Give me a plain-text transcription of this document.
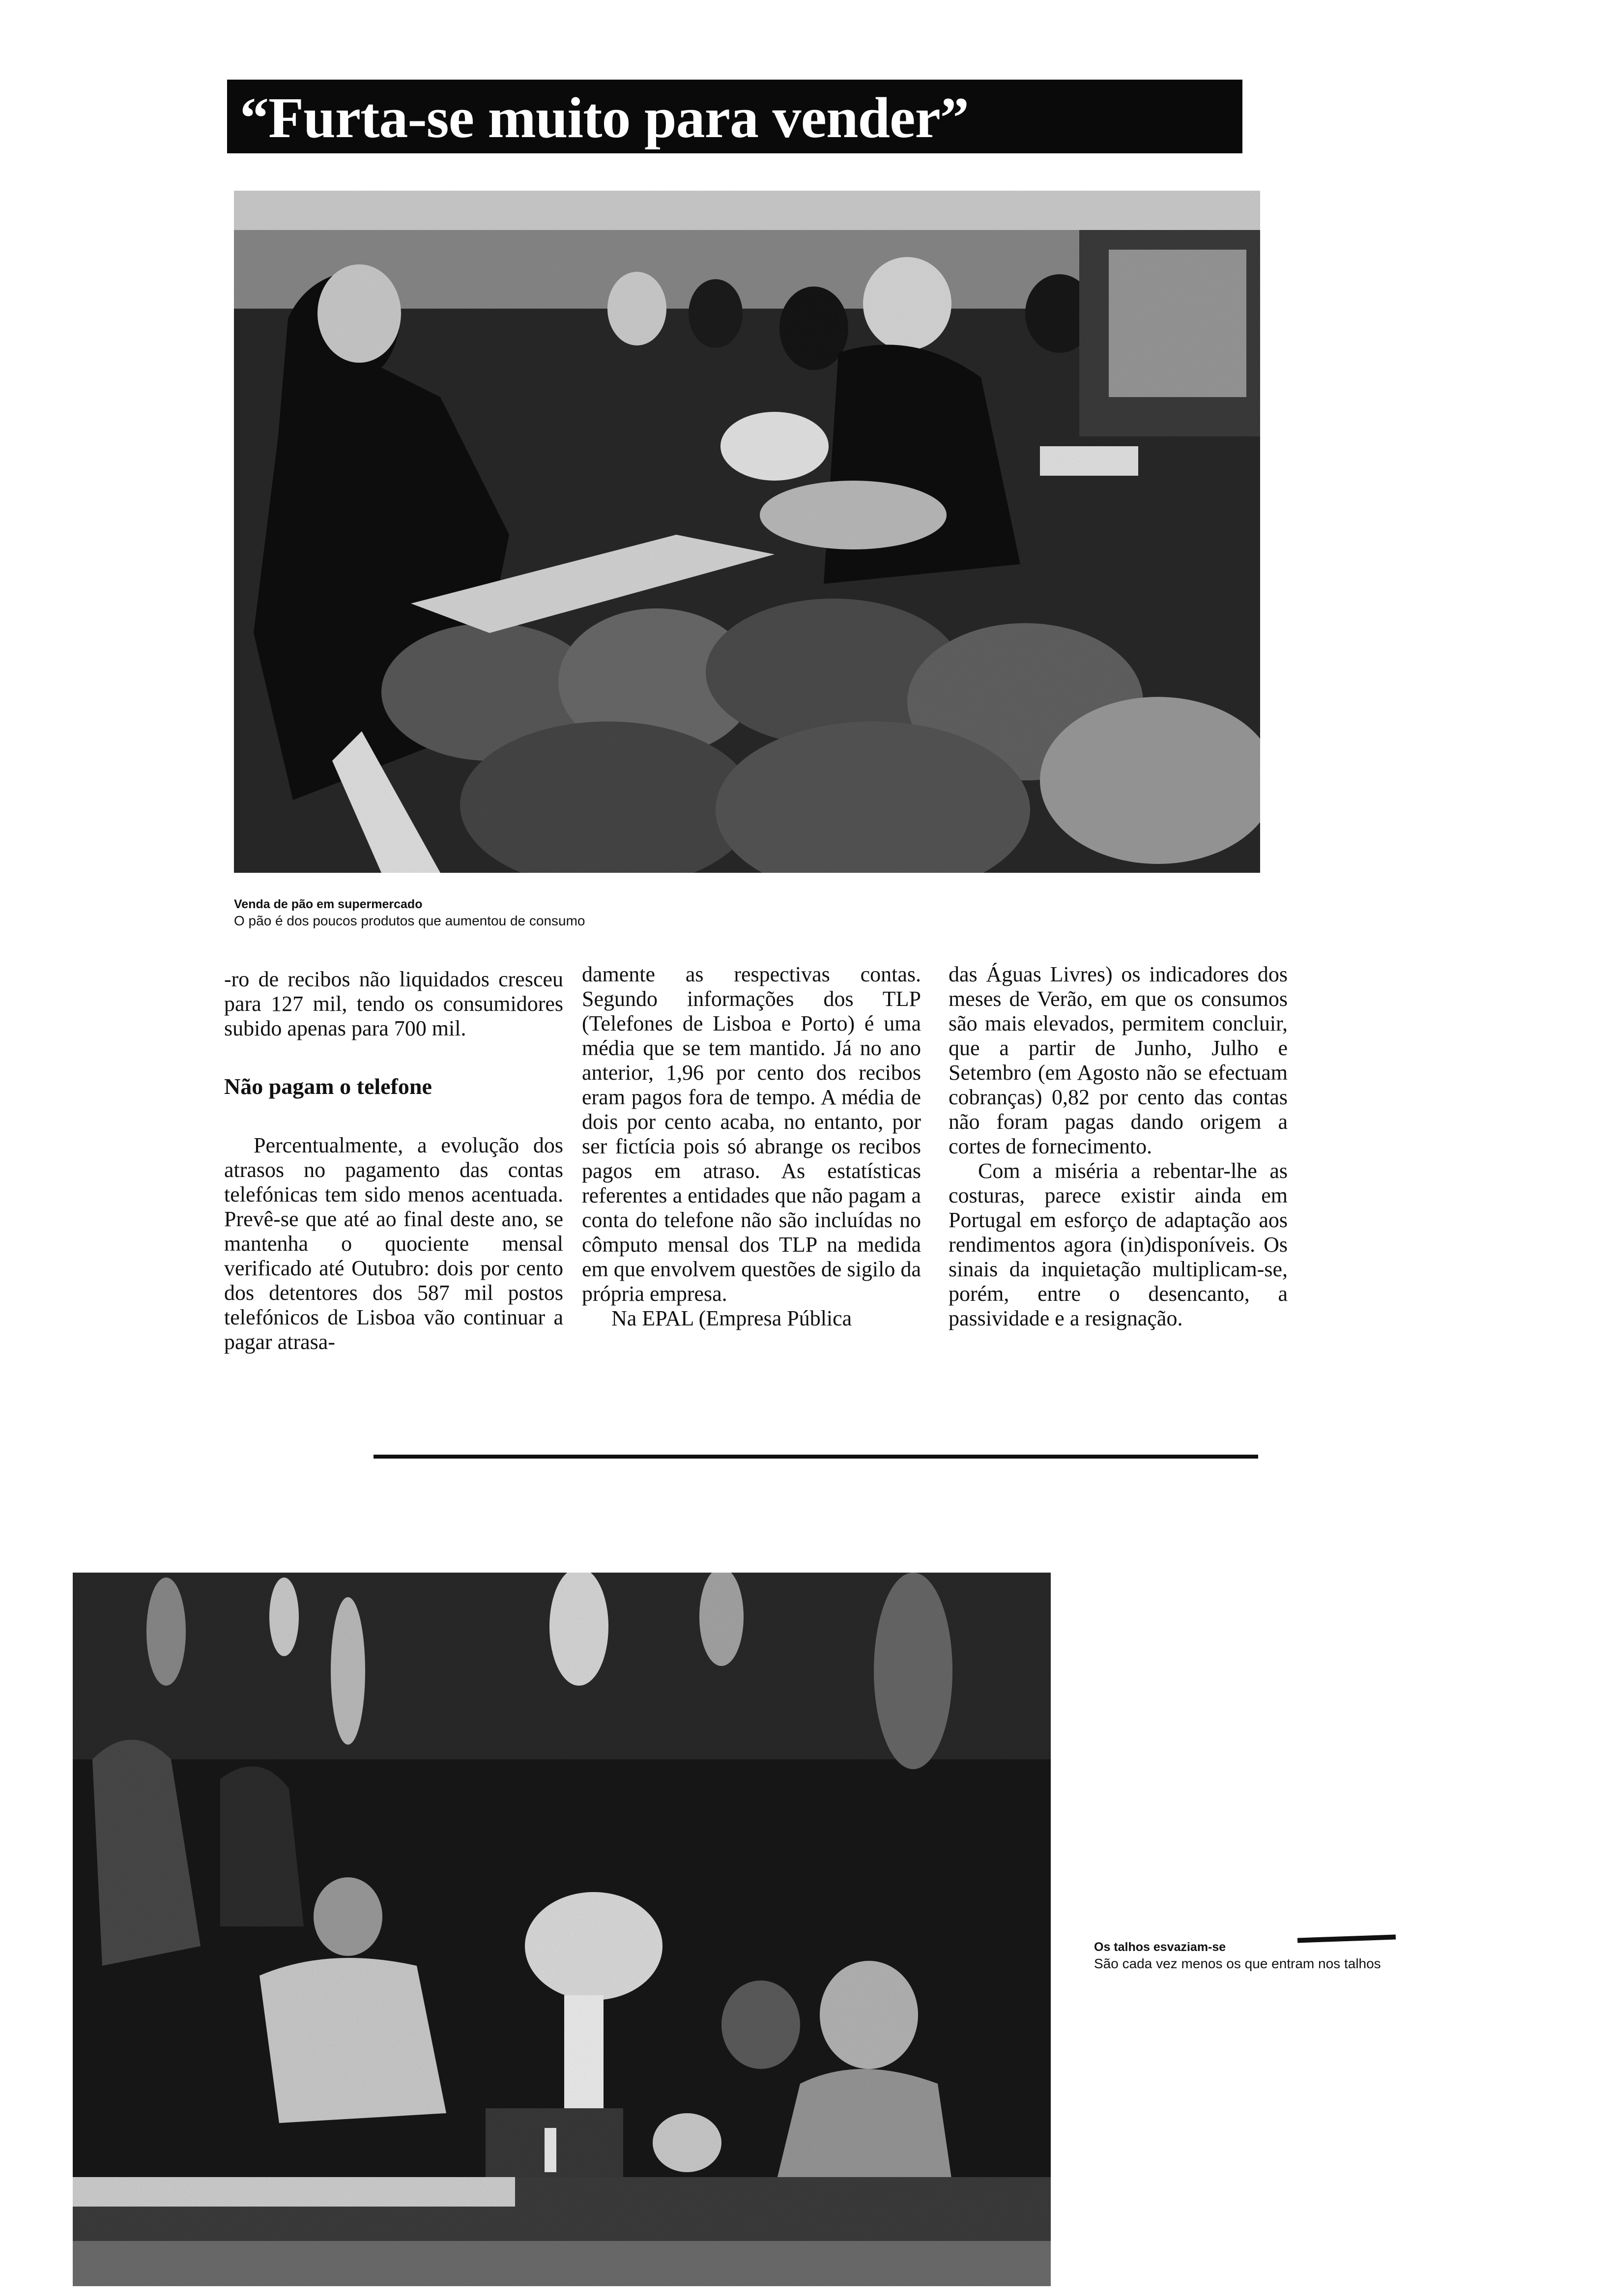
“Furta-se muito para vender”
Venda de pão em supermercado
O pão é dos poucos produtos que aumentou de consumo

-ro de recibos não liquidados cresceu para 127 mil, tendo os consumidores subido apenas para 700 mil.

Não pagam o telefone

Percentualmente, a evolução dos atrasos no pagamento das contas telefónicas tem sido menos acentuada. Prevê-se que até ao final deste ano, se mantenha o quociente mensal verificado até Outubro: dois por cento dos detentores dos 587 mil postos telefónicos de Lisboa vão continuar a pagar atrasa-

damente as respectivas contas. Segundo informações dos TLP (Telefones de Lisboa e Porto) é uma média que se tem mantido. Já no ano anterior, 1,96 por cento dos recibos eram pagos fora de tempo. A média de dois por cento acaba, no entanto, por ser fictícia pois só abrange os recibos pagos em atraso. As estatísticas referentes a entidades que não pagam a conta do telefone não são incluídas no cômputo mensal dos TLP na medida em que envolvem questões de sigilo da própria empresa.

Na EPAL (Empresa Pública

das Águas Livres) os indicadores dos meses de Verão, em que os consumos são mais elevados, permitem concluir, que a partir de Junho, Julho e Setembro (em Agosto não se efectuam cobranças) 0,82 por cento das contas não foram pagas dando origem a cortes de fornecimento.

Com a miséria a rebentar-lhe as costuras, parece existir ainda em Portugal em esforço de adaptação aos rendimentos agora (in)disponíveis. Os sinais da inquietação multiplicam-se, porém, entre o desencanto, a passividade e a resignação.

Os talhos esvaziam-se
São cada vez menos os que entram nos talhos
